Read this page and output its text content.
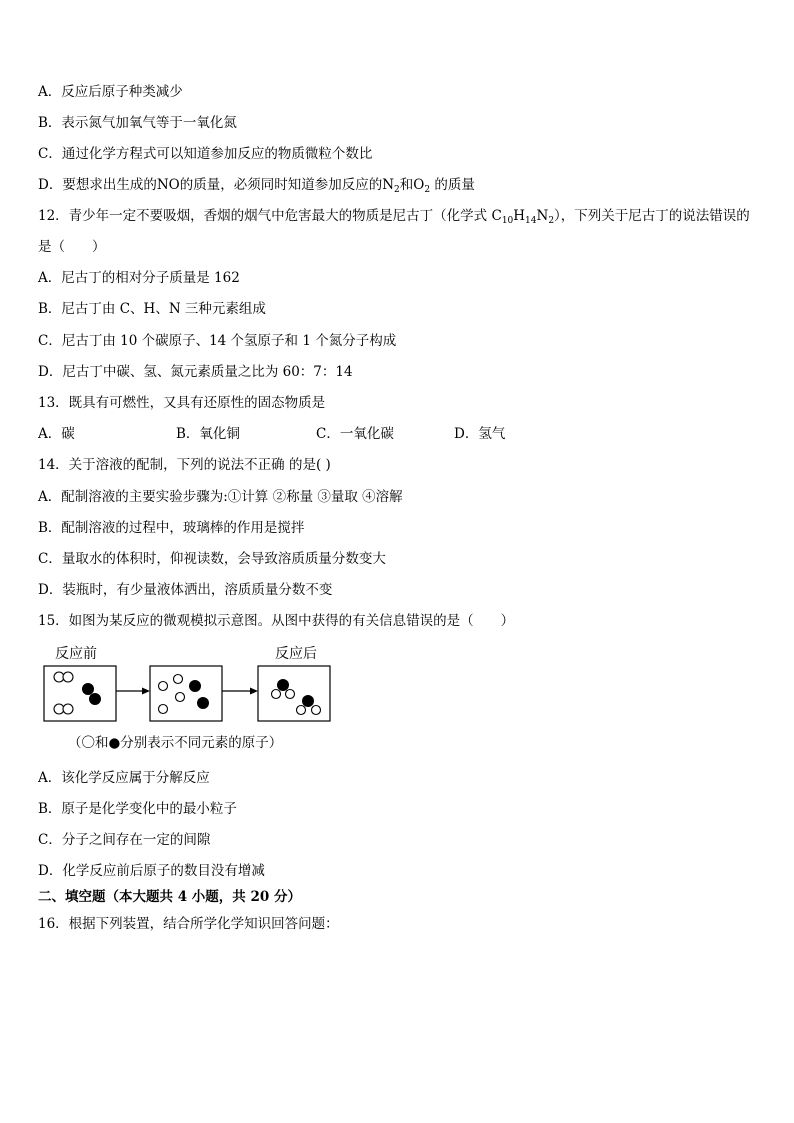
A．反应后原子种类减少
B．表示氮气加氧气等于一氧化氮
C．通过化学方程式可以知道参加反应的物质微粒个数比
D．要想求出生成的NO的质量，必须同时知道参加反应的$N_2$和$O_2$ 的质量
12．青少年一定不要吸烟，香烟的烟气中危害最大的物质是尼古丁（化学式 $C_{10}H_{14}N_2$），下列关于尼古丁的说法错误的
是（　　）
A．尼古丁的相对分子质量是 162
B．尼古丁由 C、H、N 三种元素组成
C．尼古丁由 10 个碳原子、14 个氢原子和 1 个氮分子构成
D．尼古丁中碳、氢、氮元素质量之比为 60：7：14
13．既具有可燃性，又具有还原性的固态物质是
A．碳	B．氧化铜	C．一氧化碳	D．氢气
14．关于溶液的配制，下列的说法不正确 的是( )
A．配制溶液的主要实验步骤为:①计算 ②称量 ③量取 ④溶解
B．配制溶液的过程中，玻璃棒的作用是搅拌
C．量取水的体积时，仰视读数，会导致溶质质量分数变大
D．装瓶时，有少量液体洒出，溶质质量分数不变
15．如图为某反应的微观模拟示意图。从图中获得的有关信息错误的是（　　）
反应前	反应后
（〇和●分别表示不同元素的原子）
A．该化学反应属于分解反应
B．原子是化学变化中的最小粒子
C．分子之间存在一定的间隙
D．化学反应前后原子的数目没有增减
二、填空题（本大题共 4 小题，共 20 分）
16．根据下列装置，结合所学化学知识回答问题：
